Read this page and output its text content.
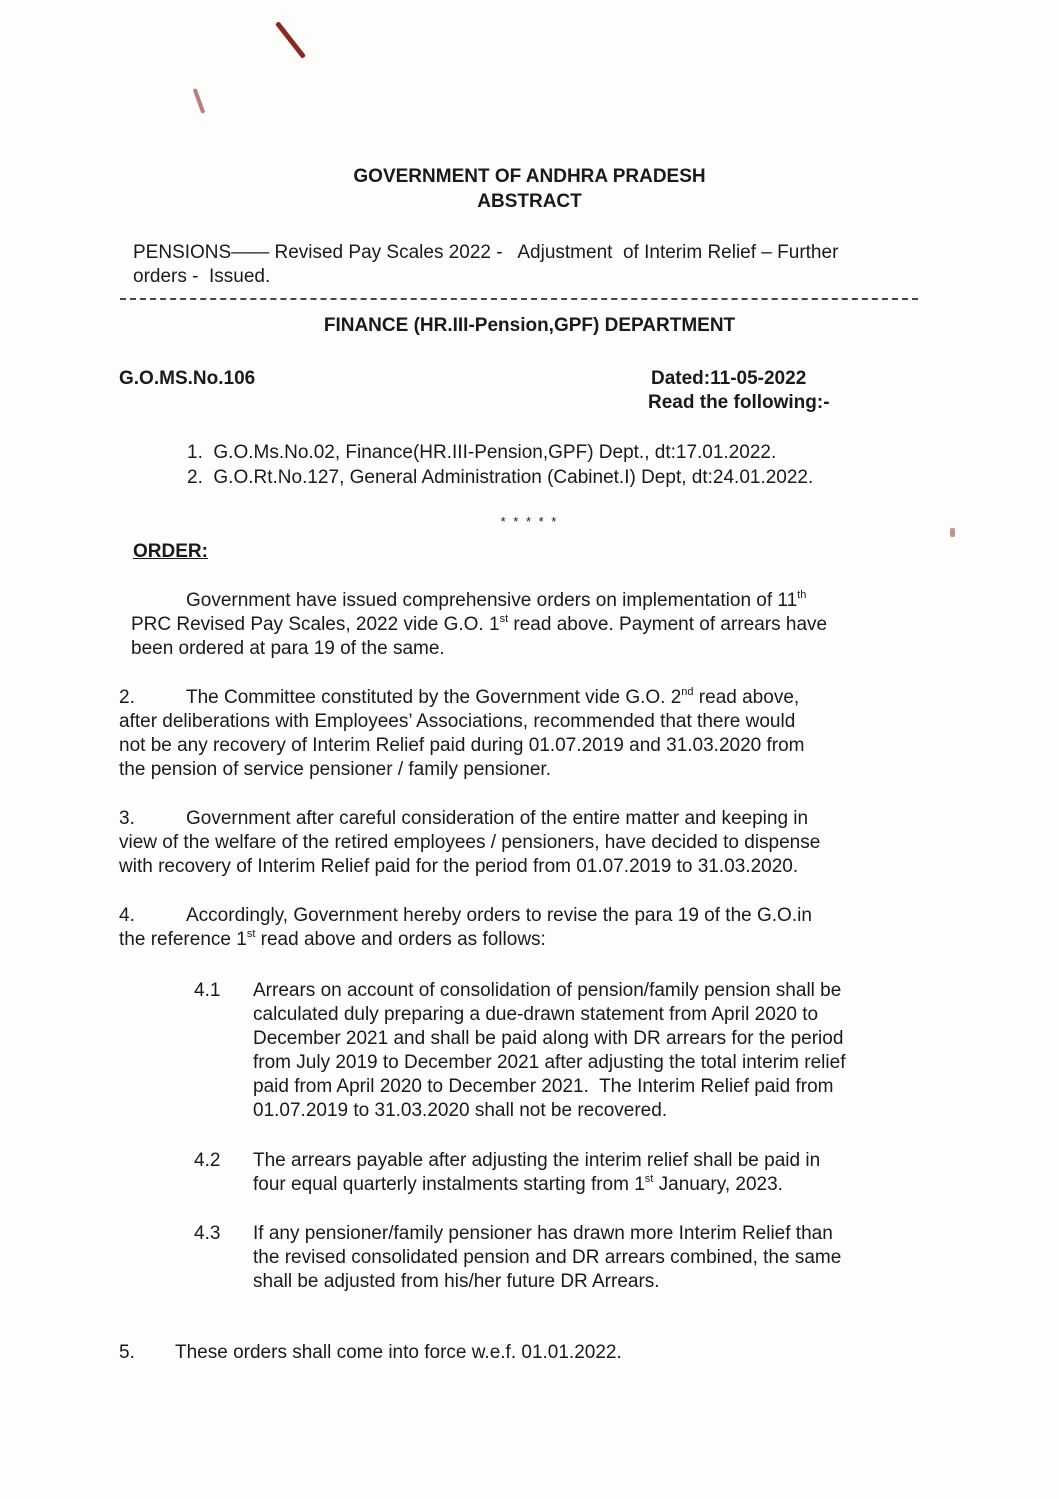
GOVERNMENT OF ANDHRA PRADESH
ABSTRACT
PENSIONS—— Revised Pay Scales 2022 -   Adjustment  of Interim Relief – Further
orders -  Issued.
FINANCE (HR.III-Pension,GPF) DEPARTMENT
G.O.MS.No.106	Dated:11-05-2022
Read the following:-
1.  G.O.Ms.No.02, Finance(HR.III-Pension,GPF) Dept., dt:17.01.2022.
2.  G.O.Rt.No.127, General Administration (Cabinet.I) Dept, dt:24.01.2022.
* * * * *
ORDER:
Government have issued comprehensive orders on implementation of 11th
PRC Revised Pay Scales, 2022 vide G.O. 1st read above. Payment of arrears have
been ordered at para 19 of the same.
2.	The Committee constituted by the Government vide G.O. 2nd read above,
after deliberations with Employees’ Associations, recommended that there would
not be any recovery of Interim Relief paid during 01.07.2019 and 31.03.2020 from
the pension of service pensioner / family pensioner.
3.	Government after careful consideration of the entire matter and keeping in
view of the welfare of the retired employees / pensioners, have decided to dispense
with recovery of Interim Relief paid for the period from 01.07.2019 to 31.03.2020.
4.	Accordingly, Government hereby orders to revise the para 19 of the G.O.in
the reference 1st read above and orders as follows:
4.1 Arrears on account of consolidation of pension/family pension shall be
calculated duly preparing a due-drawn statement from April 2020 to
December 2021 and shall be paid along with DR arrears for the period
from July 2019 to December 2021 after adjusting the total interim relief
paid from April 2020 to December 2021.  The Interim Relief paid from
01.07.2019 to 31.03.2020 shall not be recovered.
4.2 The arrears payable after adjusting the interim relief shall be paid in
four equal quarterly instalments starting from 1st January, 2023.
4.3 If any pensioner/family pensioner has drawn more Interim Relief than
the revised consolidated pension and DR arrears combined, the same
shall be adjusted from his/her future DR Arrears.
5. These orders shall come into force w.e.f. 01.01.2022.
